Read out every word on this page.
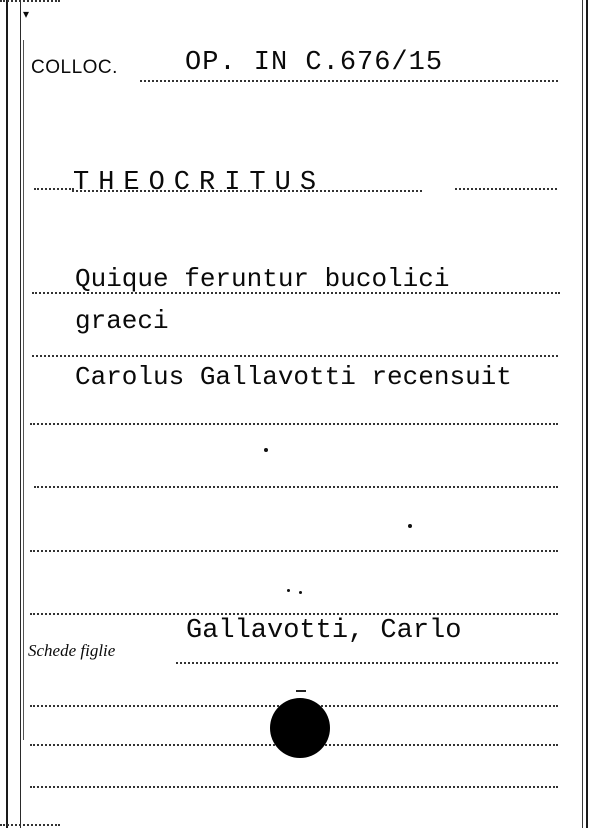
▾
COLLOC. OP. IN C.676/15
THEOCRITUS
Quique feruntur bucolici
graeci
Carolus Gallavotti recensuit
Schede figlie
Gallavotti, Carlo
